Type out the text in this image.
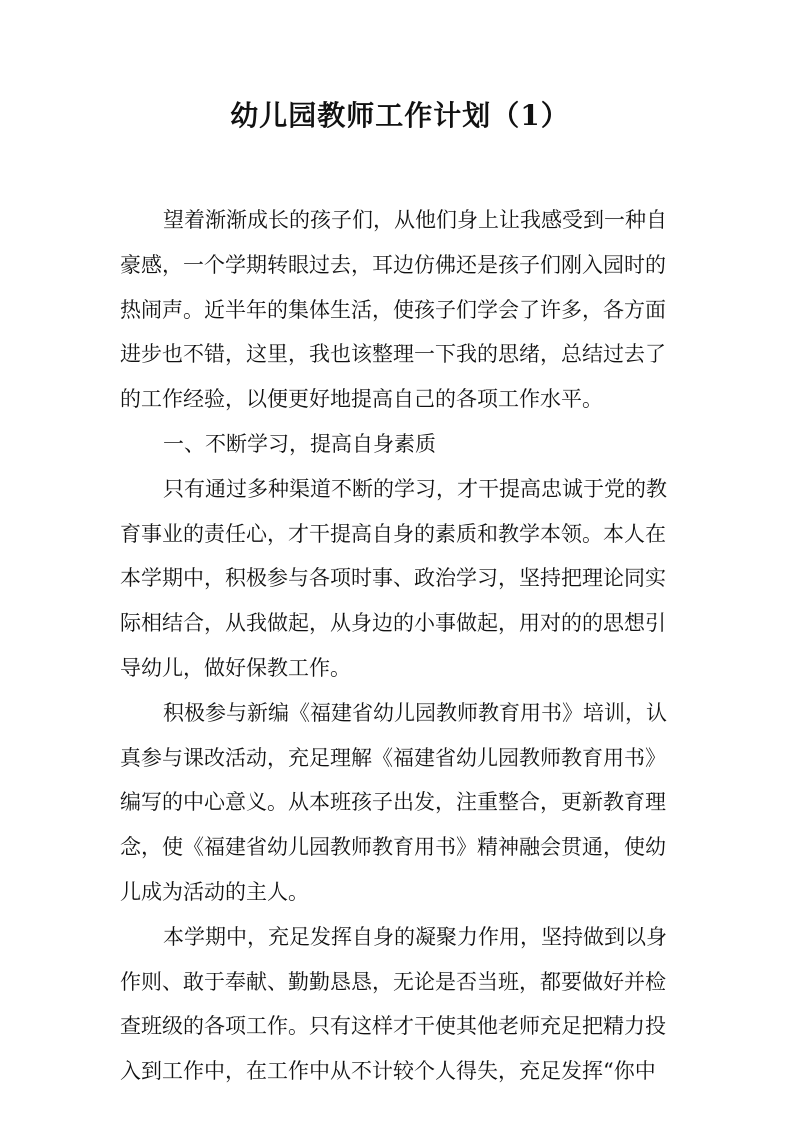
幼儿园教师工作计划（1）
望着渐渐成长的孩子们，从他们身上让我感受到一种自
豪感，一个学期转眼过去，耳边仿佛还是孩子们刚入园时的
热闹声。近半年的集体生活，使孩子们学会了许多，各方面
进步也不错，这里，我也该整理一下我的思绪，总结过去了
的工作经验，以便更好地提高自己的各项工作水平。
一、不断学习，提高自身素质
只有通过多种渠道不断的学习，才干提高忠诚于党的教
育事业的责任心，才干提高自身的素质和教学本领。本人在
本学期中，积极参与各项时事、政治学习，坚持把理论同实
际相结合，从我做起，从身边的小事做起，用对的的思想引
导幼儿，做好保教工作。
积极参与新编《福建省幼儿园教师教育用书》培训，认
真参与课改活动，充足理解《福建省幼儿园教师教育用书》
编写的中心意义。从本班孩子出发，注重整合，更新教育理
念，使《福建省幼儿园教师教育用书》精神融会贯通，使幼
儿成为活动的主人。
本学期中，充足发挥自身的凝聚力作用，坚持做到以身
作则、敢于奉献、勤勤恳恳，无论是否当班，都要做好并检
查班级的各项工作。只有这样才干使其他老师充足把精力投
入到工作中，在工作中从不计较个人得失，充足发挥“你中
